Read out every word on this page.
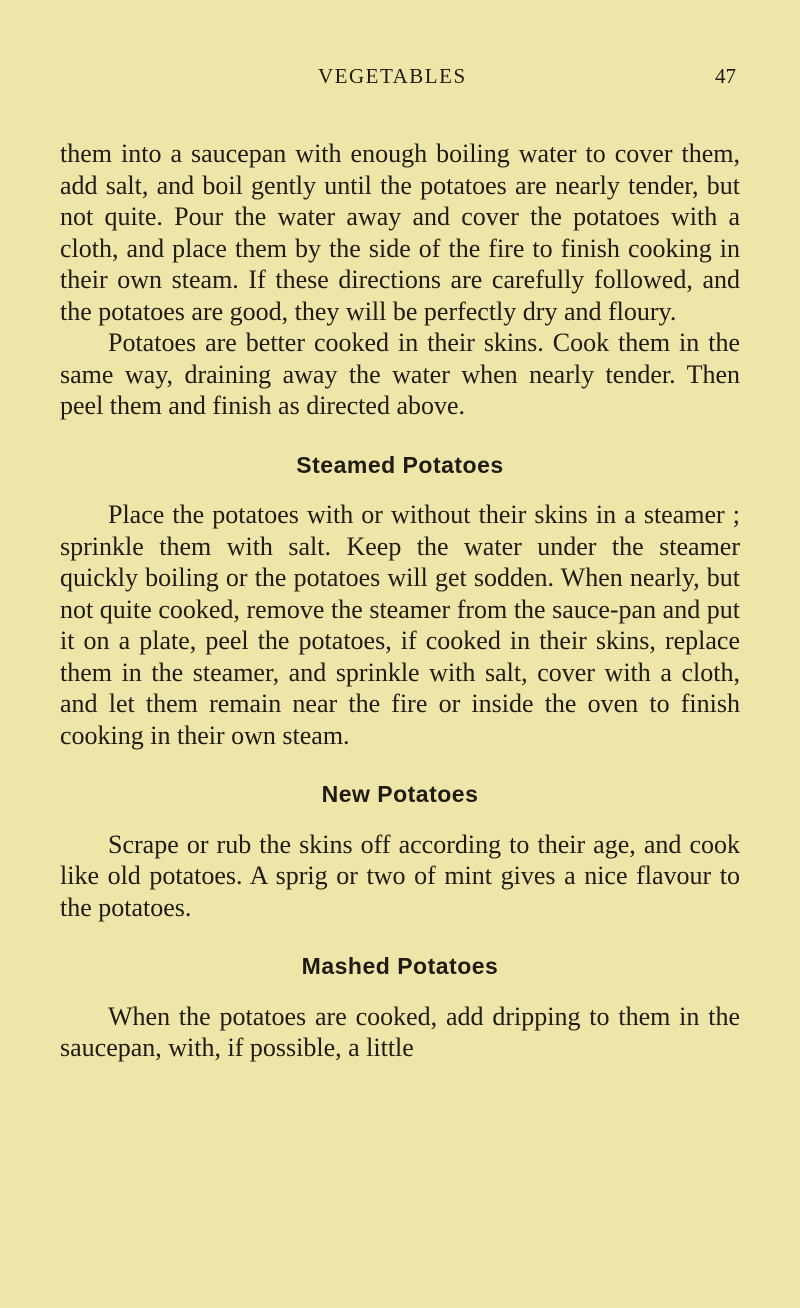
VEGETABLES	47

them into a saucepan with enough boiling water to cover them, add salt, and boil gently until the potatoes are nearly tender, but not quite. Pour the water away and cover the potatoes with a cloth, and place them by the side of the fire to finish cooking in their own steam. If these directions are carefully followed, and the potatoes are good, they will be perfectly dry and floury.

Potatoes are better cooked in their skins. Cook them in the same way, draining away the water when nearly tender. Then peel them and finish as directed above.

Steamed Potatoes

Place the potatoes with or without their skins in a steamer ; sprinkle them with salt. Keep the water under the steamer quickly boiling or the potatoes will get sodden. When nearly, but not quite cooked, remove the steamer from the sauce-pan and put it on a plate, peel the potatoes, if cooked in their skins, replace them in the steamer, and sprinkle with salt, cover with a cloth, and let them remain near the fire or inside the oven to finish cooking in their own steam.

New Potatoes

Scrape or rub the skins off according to their age, and cook like old potatoes. A sprig or two of mint gives a nice flavour to the potatoes.

Mashed Potatoes

When the potatoes are cooked, add dripping to them in the saucepan, with, if possible, a little
